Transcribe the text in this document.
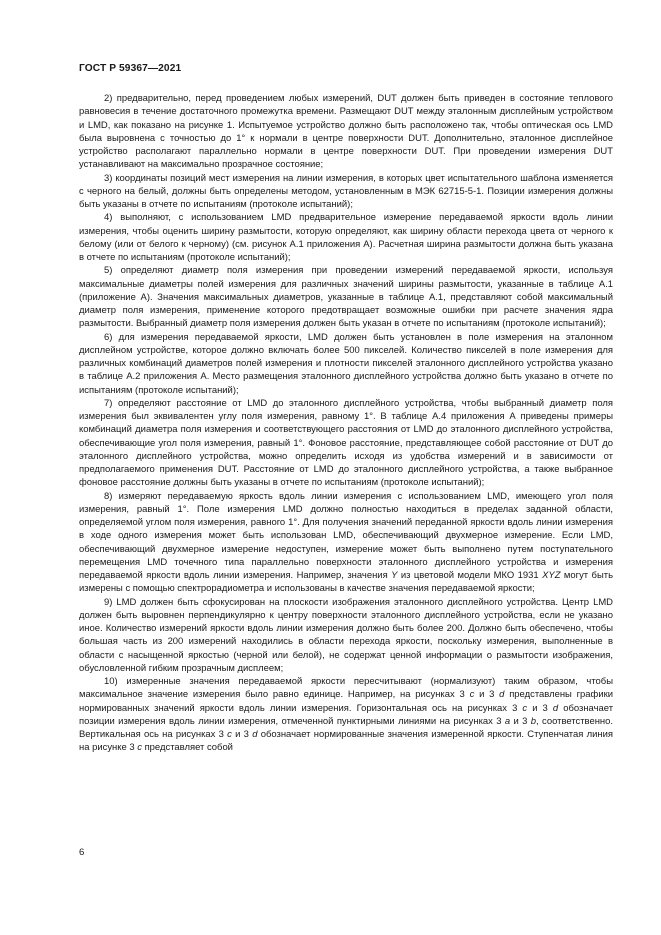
ГОСТ Р 59367—2021

2) предварительно, перед проведением любых измерений, DUT должен быть приведен в состояние теплового равновесия в течение достаточного промежутка времени. Размещают DUT между эталонным дисплейным устройством и LMD, как показано на рисунке 1. Испытуемое устройство должно быть расположено так, чтобы оптическая ось LMD была выровнена с точностью до 1° к нормали в центре поверхности DUT. Дополнительно, эталонное дисплейное устройство располагают параллельно нормали в центре поверхности DUT. При проведении измерения DUT устанавливают на максимально прозрачное состояние;

3) координаты позиций мест измерения на линии измерения, в которых цвет испытательного шаблона изменяется с черного на белый, должны быть определены методом, установленным в МЭК 62715-5-1. Позиции измерения должны быть указаны в отчете по испытаниям (протоколе испытаний);

4) выполняют, с использованием LMD предварительное измерение передаваемой яркости вдоль линии измерения, чтобы оценить ширину размытости, которую определяют, как ширину области перехода цвета от черного к белому (или от белого к черному) (см. рисунок А.1 приложения А). Расчетная ширина размытости должна быть указана в отчете по испытаниям (протоколе испытаний);

5) определяют диаметр поля измерения при проведении измерений передаваемой яркости, используя максимальные диаметры полей измерения для различных значений ширины размытости, указанные в таблице А.1 (приложение А). Значения максимальных диаметров, указанные в таблице А.1, представляют собой максимальный диаметр поля измерения, применение которого предотвращает возможные ошибки при расчете значения ядра размытости. Выбранный диаметр поля измерения должен быть указан в отчете по испытаниям (протоколе испытаний);

6) для измерения передаваемой яркости, LMD должен быть установлен в поле измерения на эталонном дисплейном устройстве, которое должно включать более 500 пикселей. Количество пикселей в поле измерения для различных комбинаций диаметров полей измерения и плотности пикселей эталонного дисплейного устройства указано в таблице А.2 приложения А. Место размещения эталонного дисплейного устройства должно быть указано в отчете по испытаниям (протоколе испытаний);

7) определяют расстояние от LMD до эталонного дисплейного устройства, чтобы выбранный диаметр поля измерения был эквивалентен углу поля измерения, равному 1°. В таблице А.4 приложения А приведены примеры комбинаций диаметра поля измерения и соответствующего расстояния от LMD до эталонного дисплейного устройства, обеспечивающие угол поля измерения, равный 1°. Фоновое расстояние, представляющее собой расстояние от DUT до эталонного дисплейного устройства, можно определить исходя из удобства измерений и в зависимости от предполагаемого применения DUT. Расстояние от LMD до эталонного дисплейного устройства, а также выбранное фоновое расстояние должны быть указаны в отчете по испытаниям (протоколе испытаний);

8) измеряют передаваемую яркость вдоль линии измерения с использованием LMD, имеющего угол поля измерения, равный 1°. Поле измерения LMD должно полностью находиться в пределах заданной области, определяемой углом поля измерения, равного 1°. Для получения значений переданной яркости вдоль линии измерения в ходе одного измерения может быть использован LMD, обеспечивающий двухмерное измерение. Если LMD, обеспечивающий двухмерное измерение недоступен, измерение может быть выполнено путем поступательного перемещения LMD точечного типа параллельно поверхности эталонного дисплейного устройства и измерения передаваемой яркости вдоль линии измерения. Например, значения Y из цветовой модели МКО 1931 XYZ могут быть измерены с помощью спектрорадиометра и использованы в качестве значения передаваемой яркости;

9) LMD должен быть сфокусирован на плоскости изображения эталонного дисплейного устройства. Центр LMD должен быть выровнен перпендикулярно к центру поверхности эталонного дисплейного устройства, если не указано иное. Количество измерений яркости вдоль линии измерения должно быть более 200. Должно быть обеспечено, чтобы большая часть из 200 измерений находились в области перехода яркости, поскольку измерения, выполненные в области с насыщенной яркостью (черной или белой), не содержат ценной информации о размытости изображения, обусловленной гибким прозрачным дисплеем;

10) измеренные значения передаваемой яркости пересчитывают (нормализуют) таким образом, чтобы максимальное значение измерения было равно единице. Например, на рисунках 3 c и 3 d представлены графики нормированных значений яркости вдоль линии измерения. Горизонтальная ось на рисунках 3 c и 3 d обозначает позиции измерения вдоль линии измерения, отмеченной пунктирными линиями на рисунках 3 a и 3 b, соответственно. Вертикальная ось на рисунках 3 c и 3 d обозначает нормированные значения измеренной яркости. Ступенчатая линия на рисунке 3 c представляет собой

6
